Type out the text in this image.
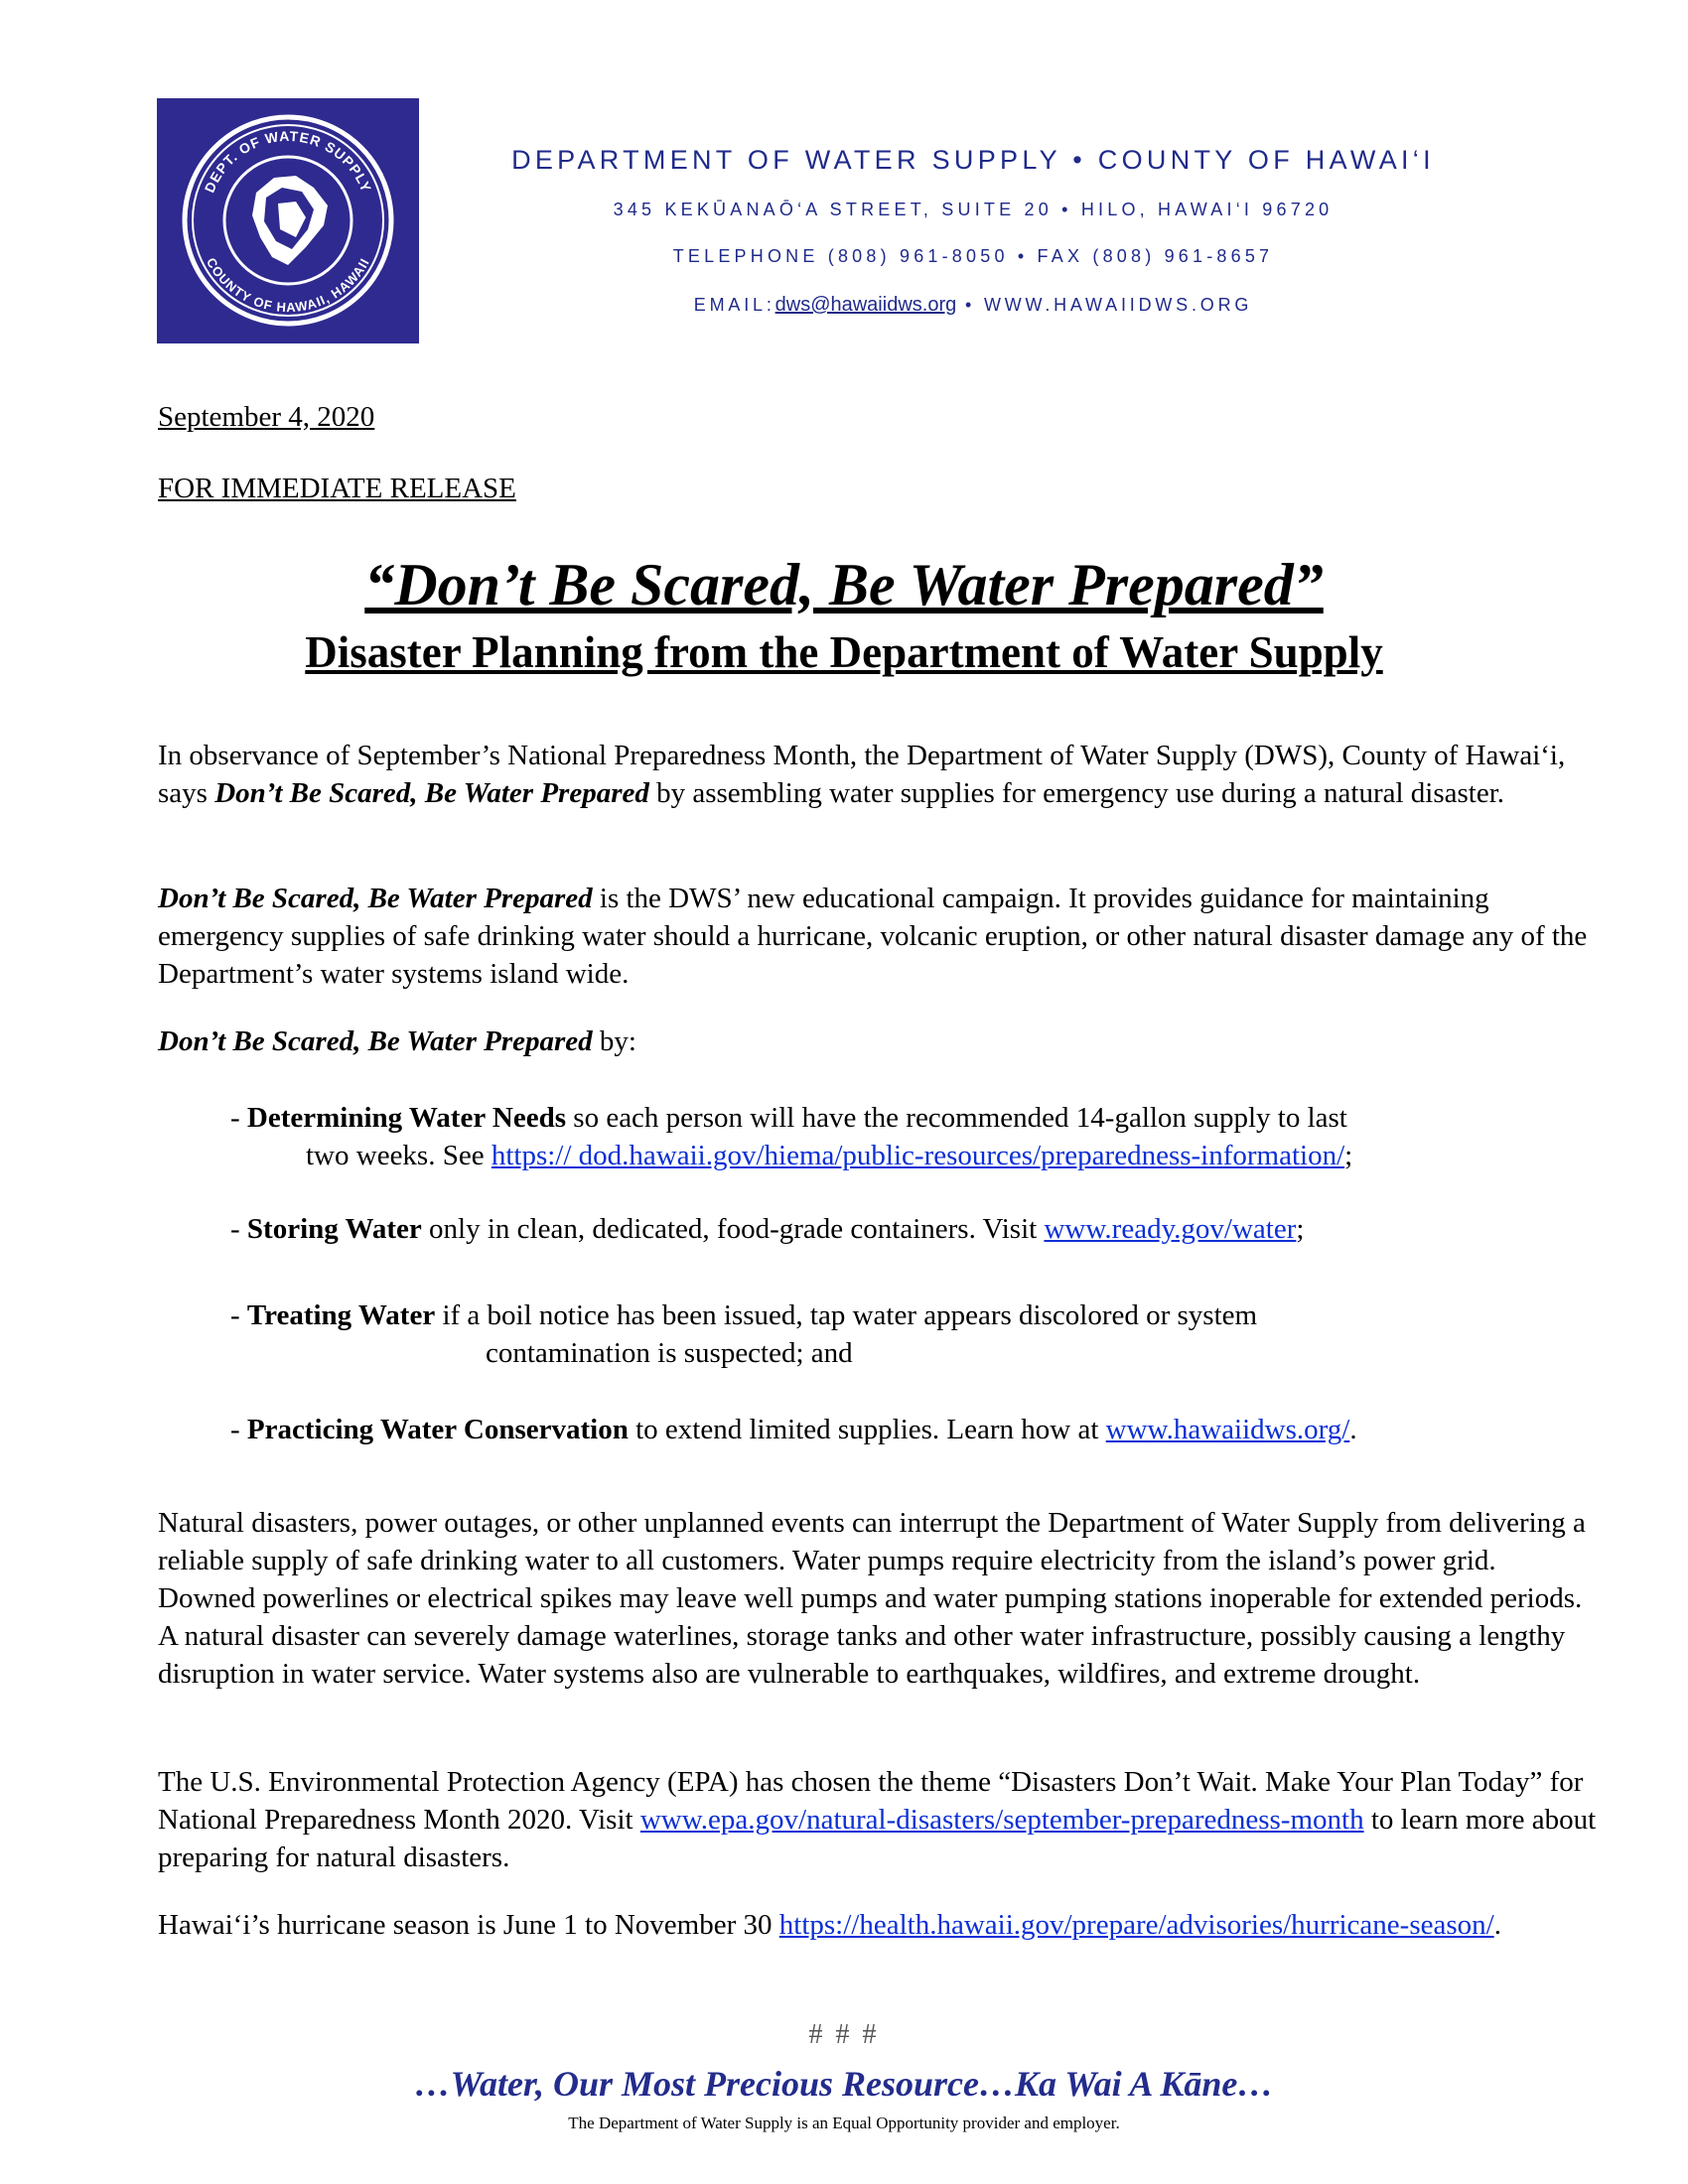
DEPT. OF WATER SUPPLY
COUNTY OF HAWAII, HAWAII
DEPARTMENT OF WATER SUPPLY • COUNTY OF HAWAI‘I
345 KEKŪANAŌ‘A STREET, SUITE 20 • HILO, HAWAI‘I 96720
TELEPHONE (808) 961-8050 • FAX (808) 961-8657
EMAIL:dws@hawaiidws.org • WWW.HAWAIIDWS.ORG
September 4, 2020
FOR IMMEDIATE RELEASE
“Don’t Be Scared, Be Water Prepared”
Disaster Planning from the Department of Water Supply

In observance of September’s National Preparedness Month, the Department of Water Supply (DWS), County of Hawai‘i, says Don’t Be Scared, Be Water Prepared by assembling water supplies for emergency use during a natural disaster.

Don’t Be Scared, Be Water Prepared is the DWS’ new educational campaign. It provides guidance for maintaining emergency supplies of safe drinking water should a hurricane, volcanic eruption, or other natural disaster damage any of the Department’s water systems island wide.

Don’t Be Scared, Be Water Prepared by:

- Determining Water Needs so each person will have the recommended 14-gallon supply to last
two weeks. See https:// dod.hawaii.gov/hiema/public-resources/preparedness-information/;
- Storing Water only in clean, dedicated, food-grade containers. Visit www.ready.gov/water;
- Treating Water if a boil notice has been issued, tap water appears discolored or system
contamination is suspected; and
- Practicing Water Conservation to extend limited supplies. Learn how at www.hawaiidws.org/.

Natural disasters, power outages, or other unplanned events can interrupt the Department of Water Supply from delivering a reliable supply of safe drinking water to all customers. Water pumps require electricity from the island’s power grid. Downed powerlines or electrical spikes may leave well pumps and water pumping stations inoperable for extended periods. A natural disaster can severely damage waterlines, storage tanks and other water infrastructure, possibly causing a lengthy disruption in water service. Water systems also are vulnerable to earthquakes, wildfires, and extreme drought.

The U.S. Environmental Protection Agency (EPA) has chosen the theme “Disasters Don’t Wait. Make Your Plan Today” for National Preparedness Month 2020. Visit www.epa.gov/natural-disasters/september-preparedness-month to learn more about preparing for natural disasters.

Hawai‘i’s hurricane season is June 1 to November 30 https://health.hawaii.gov/prepare/advisories/hurricane-season/.

# # #
…Water, Our Most Precious Resource…Ka Wai A Kāne…
The Department of Water Supply is an Equal Opportunity provider and employer.
